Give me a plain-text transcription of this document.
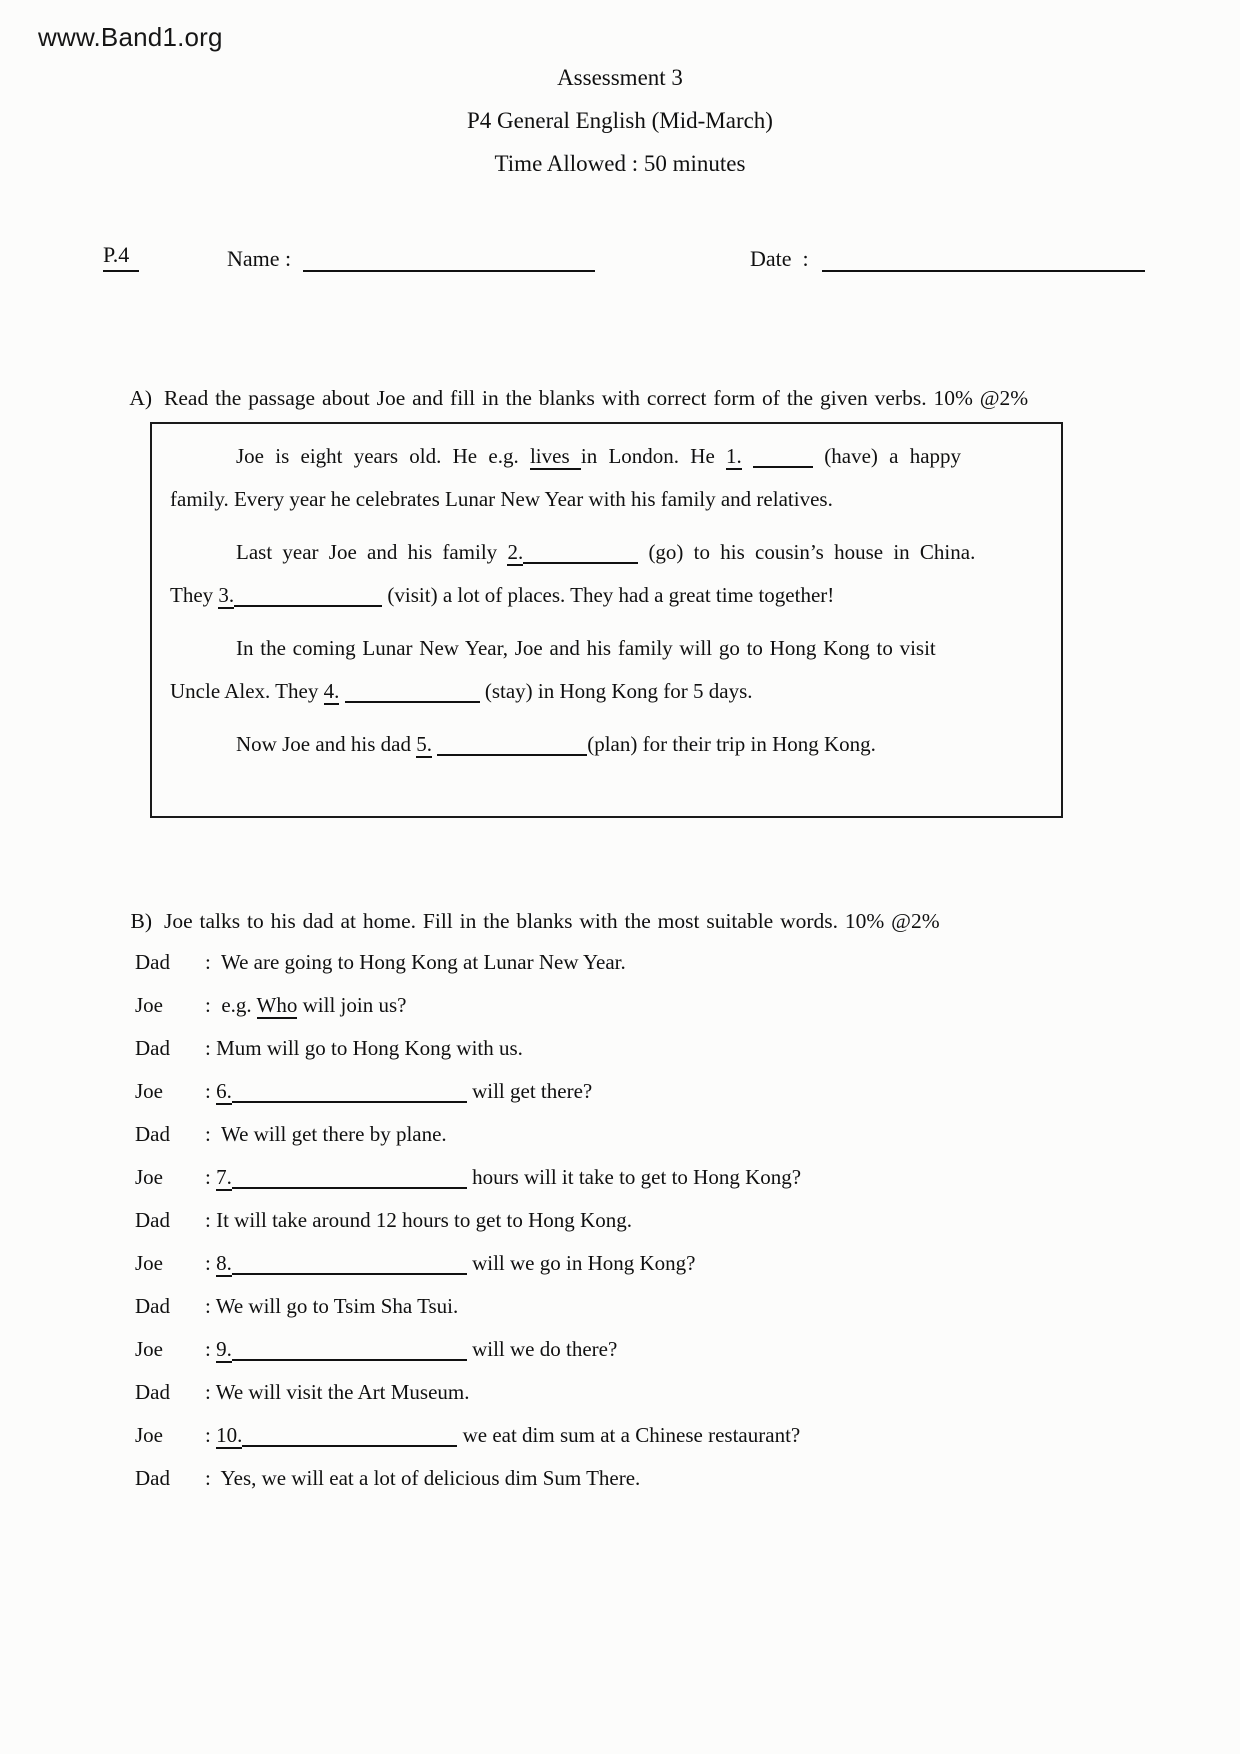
www.Band1.org
Assessment 3
P4 General English (Mid-March)
Time Allowed : 50 minutes
P.4	Name :	Date  :

A) Read the passage about Joe and fill in the blanks with correct form of the given verbs. 10% @2%

Joe is eight years old. He e.g. lives in London. He 1.	(have) a happy
family. Every year he celebrates Lunar New Year with his family and relatives.

Last year Joe and his family 2.	(go) to his cousin’s house in China.
They 3.	(visit) a lot of places. They had a great time together!

In the coming Lunar New Year, Joe and his family will go to Hong Kong to visit
Uncle Alex. They 4.	(stay) in Hong Kong for 5 days.

Now Joe and his dad 5.	(plan) for their trip in Hong Kong.

B) Joe talks to his dad at home. Fill in the blanks with the most suitable words. 10% @2%

Dad :  We are going to Hong Kong at Lunar New Year.
Joe :  e.g. Who will join us?
Dad : Mum will go to Hong Kong with us.
Joe : 6.	will get there?
Dad :  We will get there by plane.
Joe : 7.	hours will it take to get to Hong Kong?
Dad : It will take around 12 hours to get to Hong Kong.
Joe : 8.	will we go in Hong Kong?
Dad : We will go to Tsim Sha Tsui.
Joe : 9.	will we do there?
Dad : We will visit the Art Museum.
Joe : 10.	we eat dim sum at a Chinese restaurant?
Dad :  Yes, we will eat a lot of delicious dim Sum There.
